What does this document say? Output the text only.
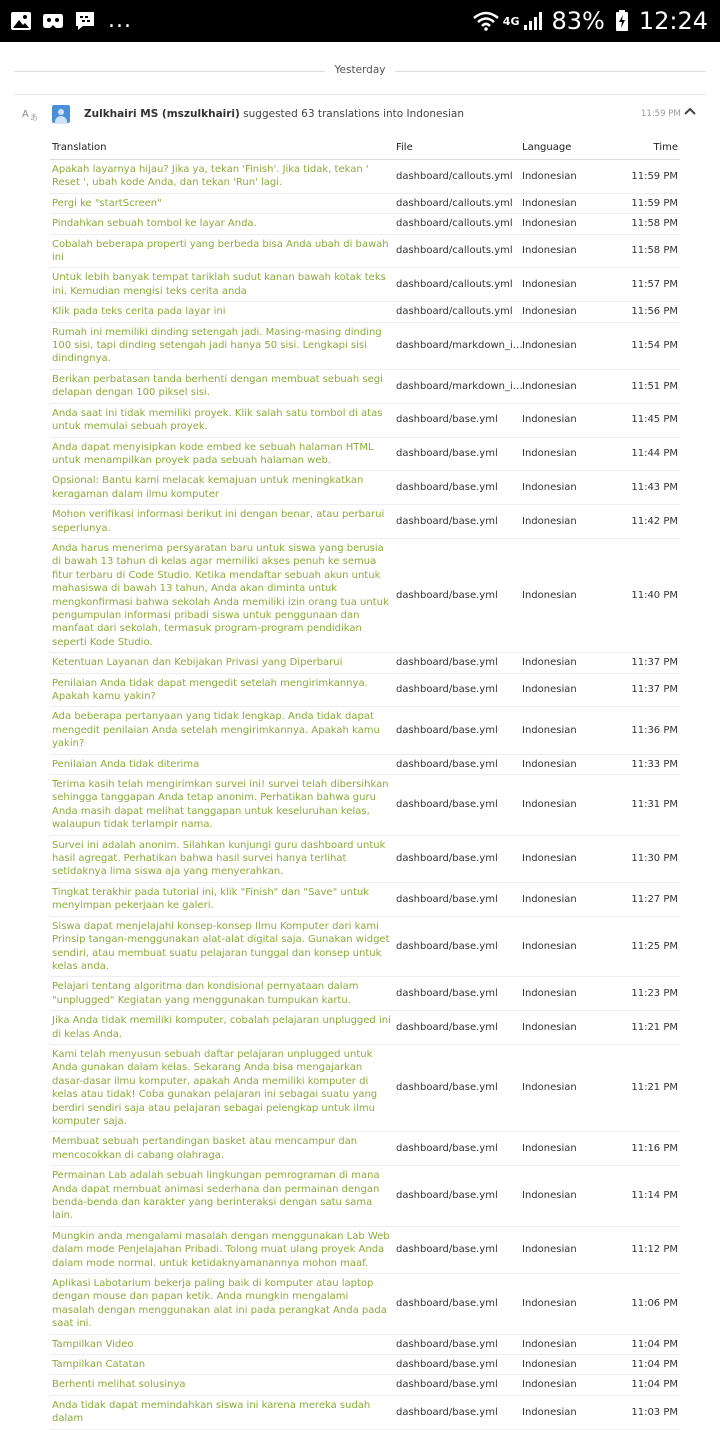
...	4G 83% 12:24
Yesterday
A あ	Zulkhairi MS (mszulkhairi) suggested 63 translations into Indonesian	11:59 PM
Translation	File	Language	Time
Apakah layarnya hijau? Jika ya, tekan 'Finish'. Jika tidak, tekan ' Reset ', ubah kode Anda, dan tekan 'Run' lagi.	dashboard/callouts.yml	Indonesian	11:59 PM
Pergi ke "startScreen"	dashboard/callouts.yml	Indonesian	11:59 PM
Pindahkan sebuah tombol ke layar Anda.	dashboard/callouts.yml	Indonesian	11:58 PM
Cobalah beberapa properti yang berbeda bisa Anda ubah di bawah ini	dashboard/callouts.yml	Indonesian	11:58 PM
Untuk lebih banyak tempat tariklah sudut kanan bawah kotak teks ini. Kemudian mengisi teks cerita anda	dashboard/callouts.yml	Indonesian	11:57 PM
Klik pada teks cerita pada layar ini	dashboard/callouts.yml	Indonesian	11:56 PM
Rumah ini memiliki dinding setengah jadi. Masing-masing dinding 100 sisi, tapi dinding setengah jadi hanya 50 sisi. Lengkapi sisi dindingnya.	dashboard/markdown_i…	Indonesian	11:54 PM
Berikan perbatasan tanda berhenti dengan membuat sebuah segi delapan dengan 100 piksel sisi.	dashboard/markdown_i…	Indonesian	11:51 PM
Anda saat ini tidak memiliki proyek. Klik salah satu tombol di atas untuk memulai sebuah proyek.	dashboard/base.yml	Indonesian	11:45 PM
Anda dapat menyisipkan kode embed ke sebuah halaman HTML untuk menampilkan proyek pada sebuah halaman web.	dashboard/base.yml	Indonesian	11:44 PM
Opsional: Bantu kami melacak kemajuan untuk meningkatkan keragaman dalam ilmu komputer	dashboard/base.yml	Indonesian	11:43 PM
Mohon verifikasi informasi berikut ini dengan benar, atau perbarui seperlunya.	dashboard/base.yml	Indonesian	11:42 PM
Anda harus menerima persyaratan baru untuk siswa yang berusia di bawah 13 tahun di kelas agar memiliki akses penuh ke semua fitur terbaru di Code Studio. Ketika mendaftar sebuah akun untuk mahasiswa di bawah 13 tahun, Anda akan diminta untuk mengkonfirmasi bahwa sekolah Anda memiliki izin orang tua untuk pengumpulan informasi pribadi siswa untuk penggunaan dan manfaat dari sekolah, termasuk program-program pendidikan seperti Kode Studio.	dashboard/base.yml	Indonesian	11:40 PM
Ketentuan Layanan dan Kebijakan Privasi yang Diperbarui	dashboard/base.yml	Indonesian	11:37 PM
Penilaian Anda tidak dapat mengedit setelah mengirimkannya. Apakah kamu yakin?	dashboard/base.yml	Indonesian	11:37 PM
Ada beberapa pertanyaan yang tidak lengkap. Anda tidak dapat mengedit penilaian Anda setelah mengirimkannya. Apakah kamu yakin?	dashboard/base.yml	Indonesian	11:36 PM
Penilaian Anda tidak diterima	dashboard/base.yml	Indonesian	11:33 PM
Terima kasih telah mengirimkan survei ini! survei telah dibersihkan sehingga tanggapan Anda tetap anonim. Perhatikan bahwa guru Anda masih dapat melihat tanggapan untuk keseluruhan kelas, walaupun tidak terlampir nama.	dashboard/base.yml	Indonesian	11:31 PM
Survei ini adalah anonim. Silahkan kunjungi guru dashboard untuk hasil agregat. Perhatikan bahwa hasil survei hanya terlihat setidaknya lima siswa aja yang menyerahkan.	dashboard/base.yml	Indonesian	11:30 PM
Tingkat terakhir pada tutorial ini, klik "Finish" dan "Save" untuk menyimpan pekerjaan ke galeri.	dashboard/base.yml	Indonesian	11:27 PM
Siswa dapat menjelajahi konsep-konsep Ilmu Komputer dari kami Prinsip tangan-menggunakan alat-alat digital saja. Gunakan widget sendiri, atau membuat suatu pelajaran tunggal dan konsep untuk kelas anda.	dashboard/base.yml	Indonesian	11:25 PM
Pelajari tentang algoritma dan kondisional pernyataan dalam "unplugged" Kegiatan yang menggunakan tumpukan kartu.	dashboard/base.yml	Indonesian	11:23 PM
Jika Anda tidak memiliki komputer, cobalah pelajaran unplugged ini di kelas Anda.	dashboard/base.yml	Indonesian	11:21 PM
Kami telah menyusun sebuah daftar pelajaran unplugged untuk Anda gunakan dalam kelas. Sekarang Anda bisa mengajarkan dasar-dasar ilmu komputer, apakah Anda memiliki komputer di kelas atau tidak! Coba gunakan pelajaran ini sebagai suatu yang berdiri sendiri saja atau pelajaran sebagai pelengkap untuk ilmu komputer saja.	dashboard/base.yml	Indonesian	11:21 PM
Membuat sebuah pertandingan basket atau mencampur dan mencocokkan di cabang olahraga.	dashboard/base.yml	Indonesian	11:16 PM
Permainan Lab adalah sebuah lingkungan pemrograman di mana Anda dapat membuat animasi sederhana dan permainan dengan benda-benda dan karakter yang berinteraksi dengan satu sama lain.	dashboard/base.yml	Indonesian	11:14 PM
Mungkin anda mengalami masalah dengan menggunakan Lab Web dalam mode Penjelajahan Pribadi. Tolong muat ulang proyek Anda dalam mode normal. untuk ketidaknyamanannya mohon maaf.	dashboard/base.yml	Indonesian	11:12 PM
Aplikasi Labotarium bekerja paling baik di komputer atau laptop dengan mouse dan papan ketik. Anda mungkin mengalami masalah dengan menggunakan alat ini pada perangkat Anda pada saat ini.	dashboard/base.yml	Indonesian	11:06 PM
Tampilkan Video	dashboard/base.yml	Indonesian	11:04 PM
Tampilkan Catatan	dashboard/base.yml	Indonesian	11:04 PM
Berhenti melihat solusinya	dashboard/base.yml	Indonesian	11:04 PM
Anda tidak dapat memindahkan siswa ini karena mereka sudah dalam	dashboard/base.yml	Indonesian	11:03 PM
